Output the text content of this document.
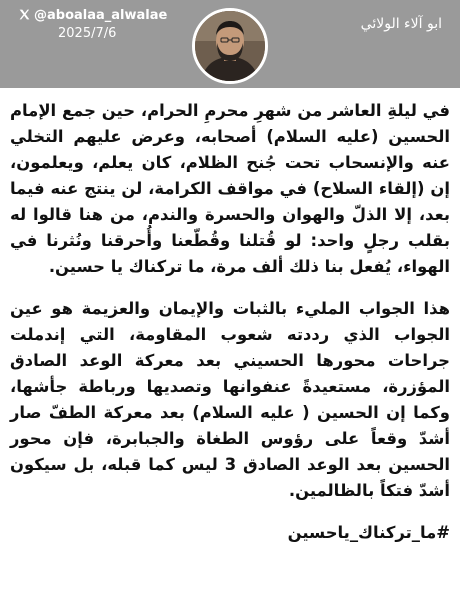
ابو آلاء الولائي
@aboalaa_alwalae
2025/7/6

في ليلةِ العاشر من شهرِ محرمِ الحرام، حين جمع الإمام الحسين (عليه السلام) أصحابه، وعرض عليهم التخلي عنه والإنسحاب تحت جُنح الظلام، كان يعلم، ويعلمون، إن (إلقاء السلاح) في مواقف الكرامة، لن ينتج عنه فيما بعد، إلا الذلّ والهوان والحسرة والندم، من هنا قالوا له بقلب رجلٍ واحد: لو قُتلنا وقُطّعنا وأُحرقنا ونُثرنا في الهواء، يُفعل بنا ذلك ألف مرة، ما تركناك يا حسين.

هذا الجواب المليء بالثبات والإيمان والعزيمة هو عين الجواب الذي رددته شعوب المقاومة، التي إندملت جراحات محورها الحسيني بعد معركة الوعد الصادق المؤزرة، مستعيدةً عنفوانها وتصديها ورباطة جأشها، وكما إن الحسين ( عليه السلام) بعد معركة الطفّ صار أشدّ وقعاً على رؤوس الطغاة والجبابرة، فإن محور الحسين بعد الوعد الصادق 3 ليس كما قبله، بل سيكون أشدّ فتكاً بالظالمين.

#ما_تركناك_ياحسين
